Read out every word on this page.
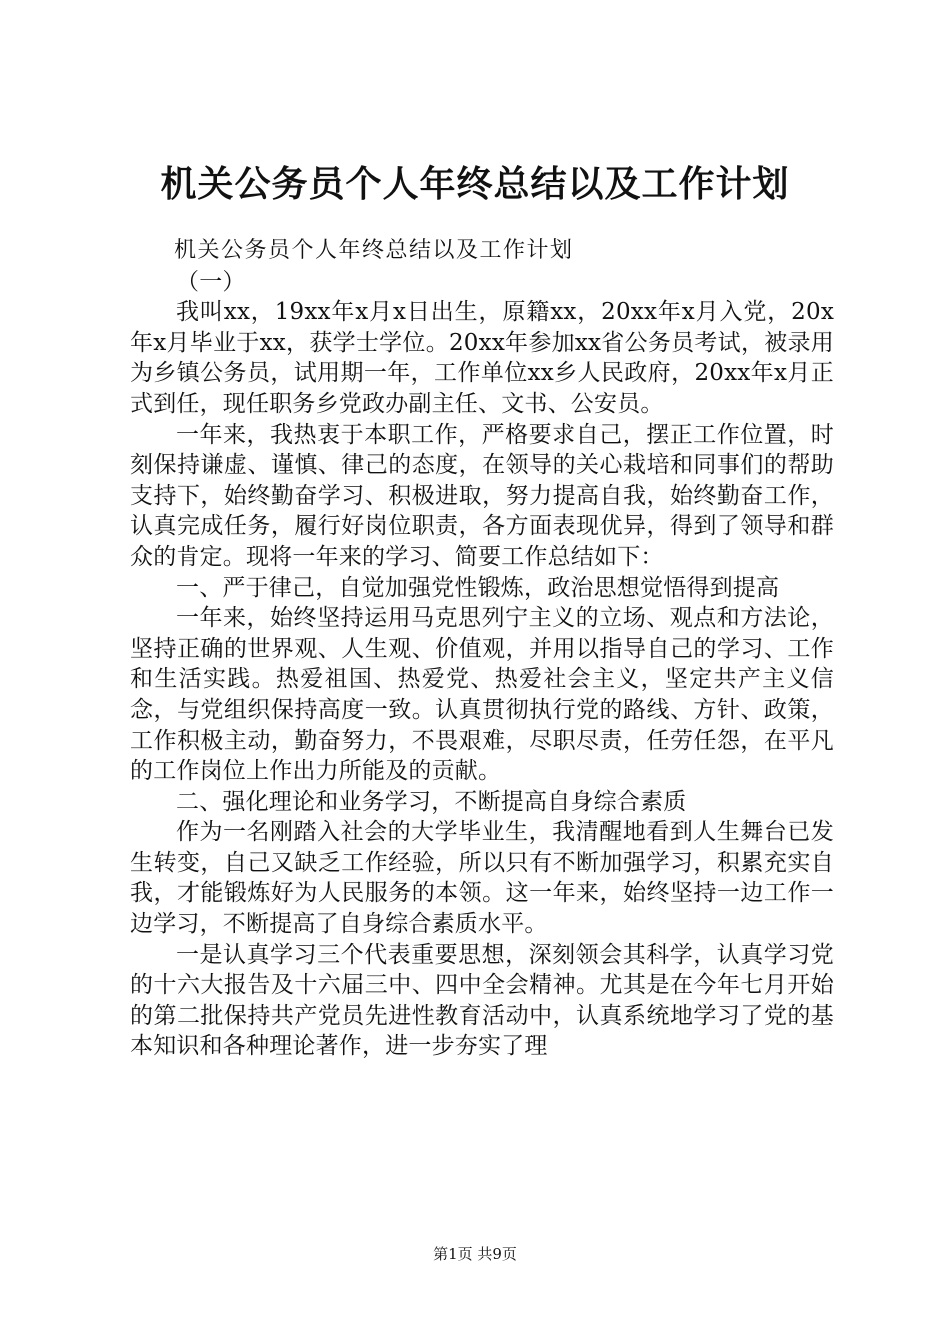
机关公务员个人年终总结以及工作计划

机关公务员个人年终总结以及工作计划

（一）

我叫xx，19xx年x月x日出生，原籍xx，20xx年x月入党，20x年x月毕业于xx，获学士学位。20xx年参加xx省公务员考试，被录用为乡镇公务员，试用期一年，工作单位xx乡人民政府，20xx年x月正式到任，现任职务乡党政办副主任、文书、公安员。

一年来，我热衷于本职工作，严格要求自己，摆正工作位置，时刻保持谦虚、谨慎、律己的态度，在领导的关心栽培和同事们的帮助支持下，始终勤奋学习、积极进取，努力提高自我，始终勤奋工作，认真完成任务，履行好岗位职责，各方面表现优异，得到了领导和群众的肯定。现将一年来的学习、简要工作总结如下：

一、严于律己，自觉加强党性锻炼，政治思想觉悟得到提高

一年来，始终坚持运用马克思列宁主义的立场、观点和方法论，坚持正确的世界观、人生观、价值观，并用以指导自己的学习、工作和生活实践。热爱祖国、热爱党、热爱社会主义，坚定共产主义信念，与党组织保持高度一致。认真贯彻执行党的路线、方针、政策，工作积极主动，勤奋努力，不畏艰难，尽职尽责，任劳任怨，在平凡的工作岗位上作出力所能及的贡献。

二、强化理论和业务学习，不断提高自身综合素质

作为一名刚踏入社会的大学毕业生，我清醒地看到人生舞台已发生转变，自己又缺乏工作经验，所以只有不断加强学习，积累充实自我，才能锻炼好为人民服务的本领。这一年来，始终坚持一边工作一边学习，不断提高了自身综合素质水平。

一是认真学习三个代表重要思想，深刻领会其科学，认真学习党的十六大报告及十六届三中、四中全会精神。尤其是在今年七月开始的第二批保持共产党员先进性教育活动中，认真系统地学习了党的基本知识和各种理论著作，进一步夯实了理

第1页 共9页
